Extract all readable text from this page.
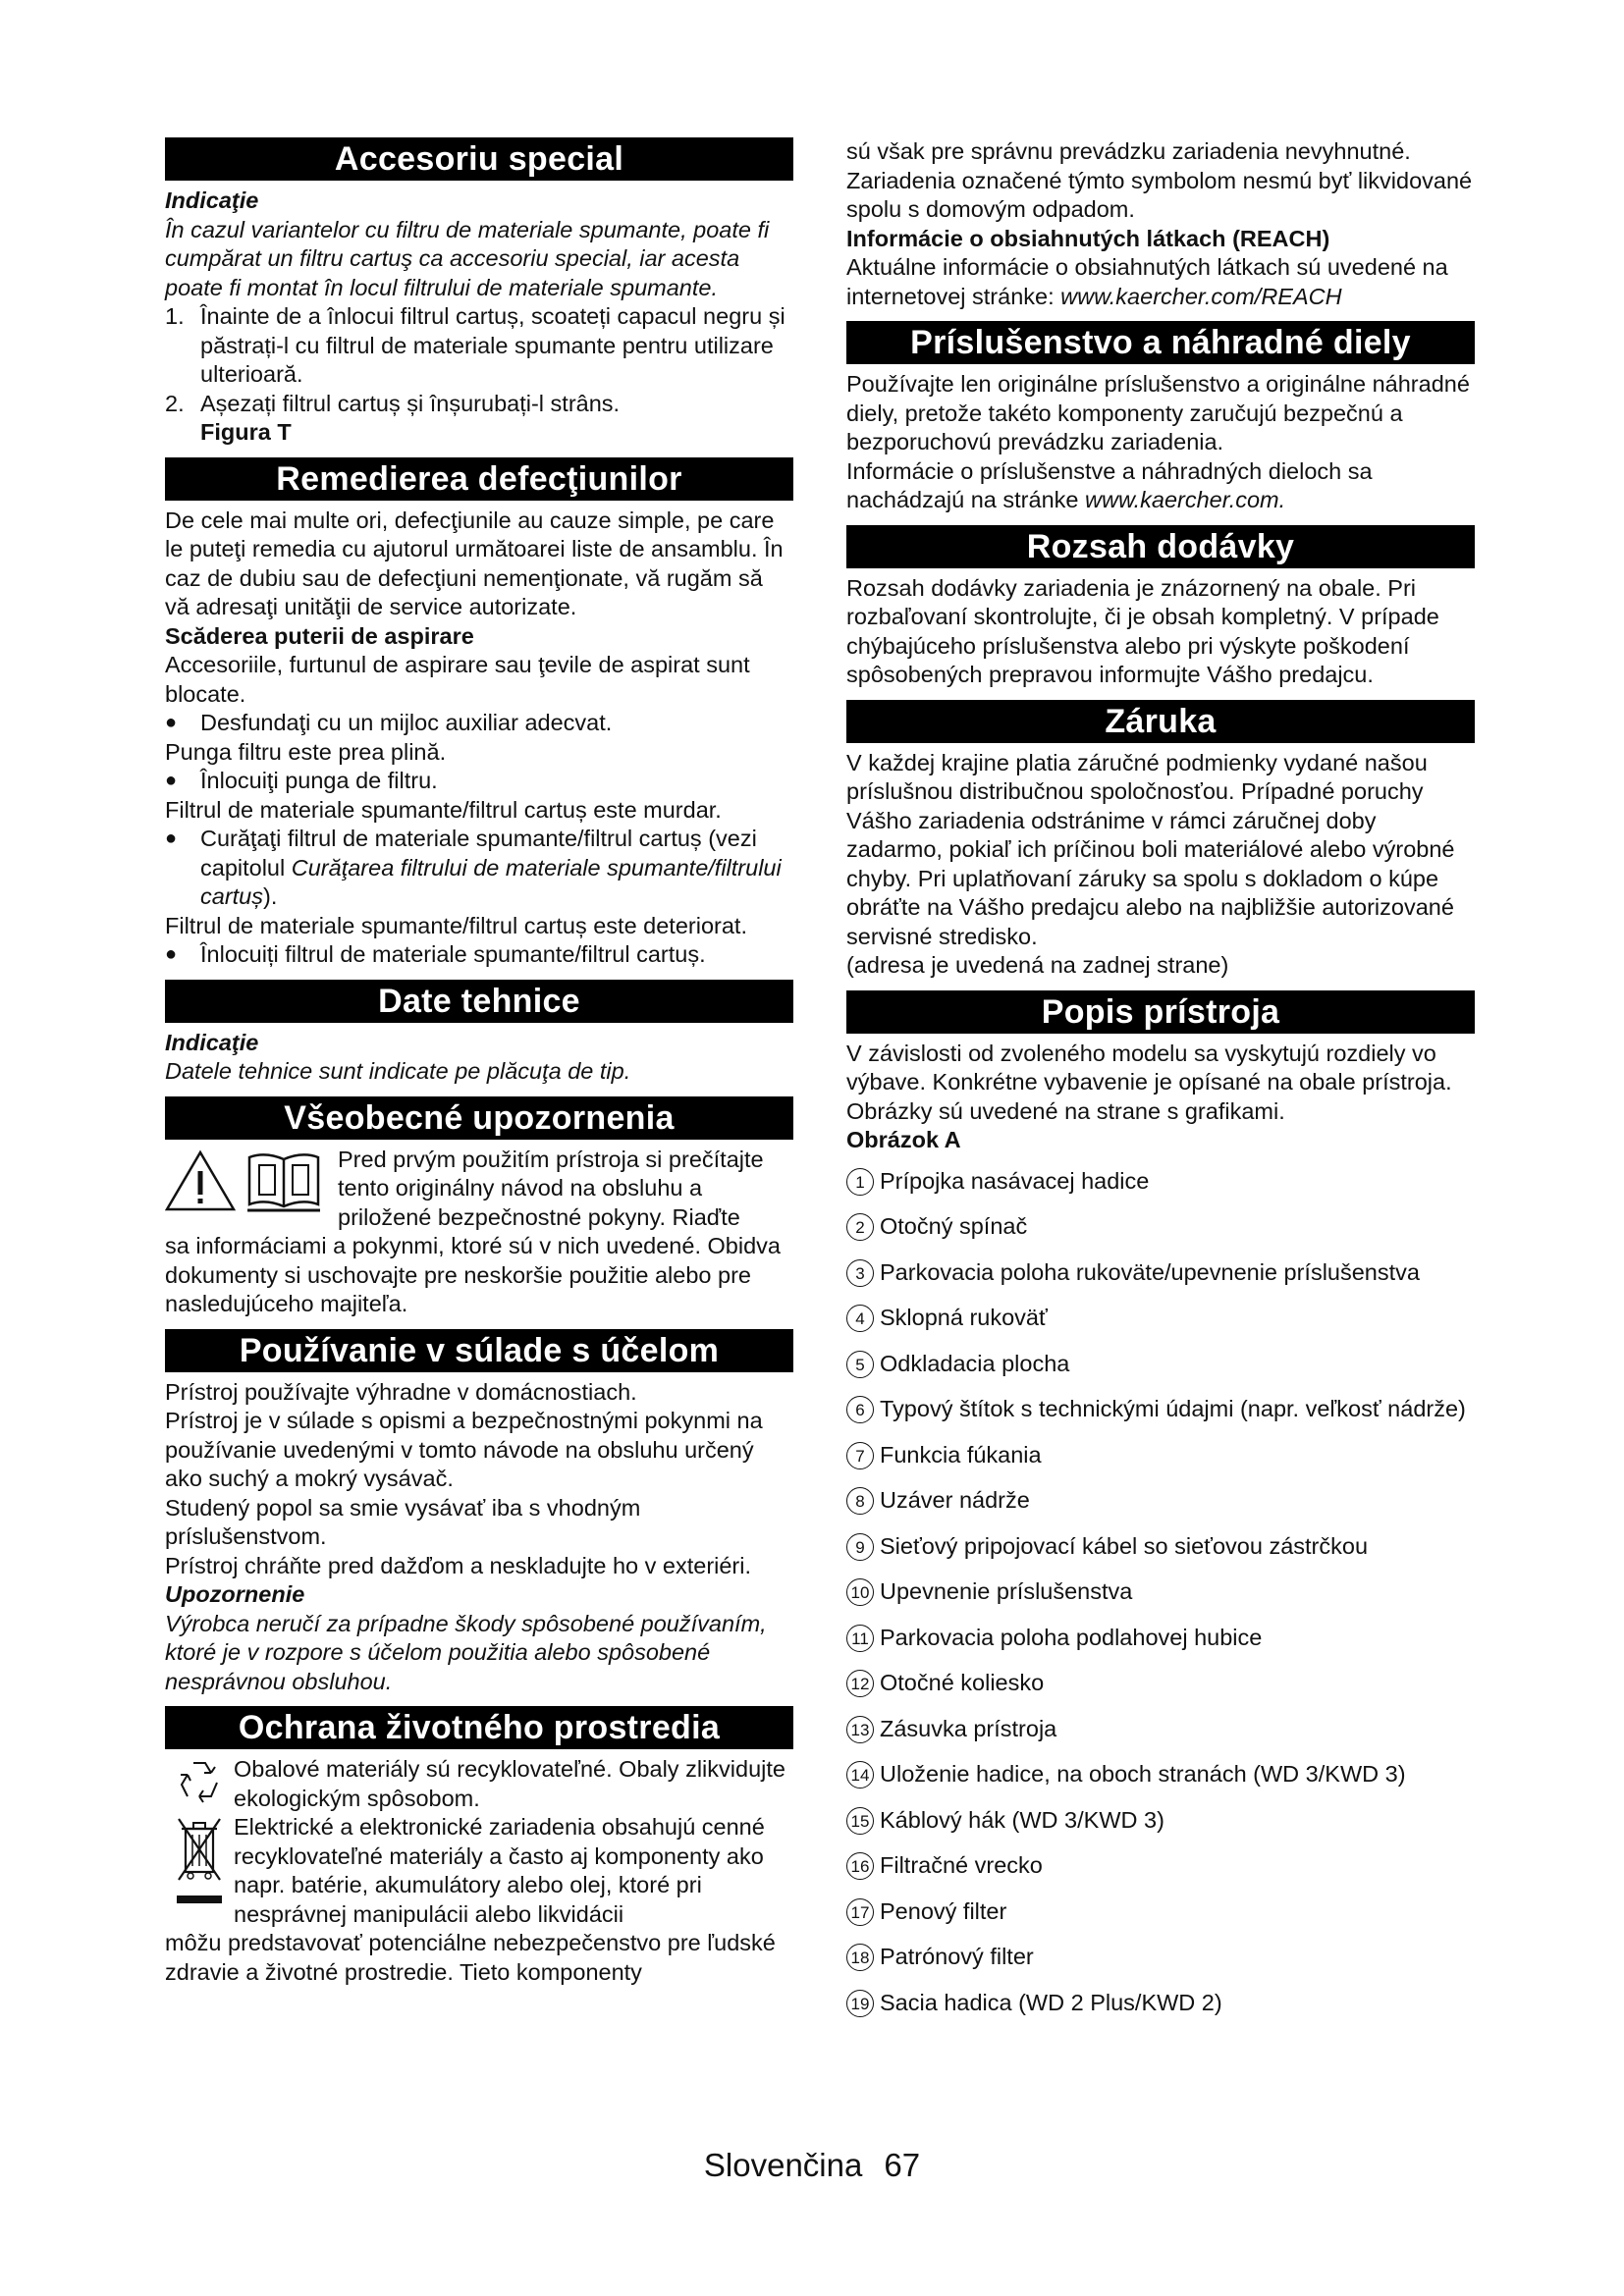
Accesoriu special

Indicaţie

În cazul variantelor cu filtru de materiale spumante, poate fi cumpărat un filtru cartuş ca accesoriu special, iar acesta poate fi montat în locul filtrului de materiale spumante.

1. Înainte de a înlocui filtrul cartuș, scoateți capacul negru și păstrați-l cu filtrul de materiale spumante pentru utilizare ulterioară.
2. Așezați filtrul cartuș și înșurubați-l strâns.

Figura T

Remedierea defecţiunilor

De cele mai multe ori, defecţiunile au cauze simple, pe care le puteţi remedia cu ajutorul următoarei liste de ansamblu. În caz de dubiu sau de defecţiuni nemenţionate, vă rugăm să vă adresaţi unităţii de service autorizate.

Scăderea puterii de aspirare

Accesoriile, furtunul de aspirare sau ţevile de aspirat sunt blocate.

●	Desfundaţi cu un mijloc auxiliar adecvat.

Punga filtru este prea plină.

●	Înlocuiţi punga de filtru.

Filtrul de materiale spumante/filtrul cartuș este murdar.

●	Curăţaţi filtrul de materiale spumante/filtrul cartuș (vezi capitolul Curăţarea filtrului de materiale spumante/filtrului cartuș).

Filtrul de materiale spumante/filtrul cartuș este deteriorat.

●	Înlocuiți filtrul de materiale spumante/filtrul cartuș.
Date tehnice

Indicaţie

Datele tehnice sunt indicate pe plăcuţa de tip.

Všeobecné upozornenia

Pred prvým použitím prístroja si prečítajte tento originálny návod na obsluhu a priložené bezpečnostné pokyny. Riaďte

sa informáciami a pokynmi, ktoré sú v nich uvedené. Obidva dokumenty si uschovajte pre neskoršie použitie alebo pre nasledujúceho majiteľa.

Používanie v súlade s účelom

Prístroj používajte výhradne v domácnostiach.

Prístroj je v súlade s opismi a bezpečnostnými pokynmi na používanie uvedenými v tomto návode na obsluhu určený ako suchý a mokrý vysávač.

Studený popol sa smie vysávať iba s vhodným príslušenstvom.

Prístroj chráňte pred dažďom a neskladujte ho v exteriéri.

Upozornenie

Výrobca neručí za prípadne škody spôsobené používaním, ktoré je v rozpore s účelom použitia alebo spôsobené nesprávnou obsluhou.

Ochrana životného prostredia

Obalové materiály sú recyklovateľné. Obaly zlikvidujte ekologickým spôsobom.

Elektrické a elektronické zariadenia obsahujú cenné recyklovateľné materiály a často aj komponenty ako napr. batérie, akumulátory alebo olej, ktoré pri nesprávnej manipulácii alebo likvidácii

môžu predstavovať potenciálne nebezpečenstvo pre ľudské zdravie a životné prostredie. Tieto komponenty

sú však pre správnu prevádzku zariadenia nevyhnutné. Zariadenia označené týmto symbolom nesmú byť likvidované spolu s domovým odpadom.

Informácie o obsiahnutých látkach (REACH)

Aktuálne informácie o obsiahnutých látkach sú uvedené na internetovej stránke: www.kaercher.com/REACH

Príslušenstvo a náhradné diely

Používajte len originálne príslušenstvo a originálne náhradné diely, pretože takéto komponenty zaručujú bezpečnú a bezporuchovú prevádzku zariadenia.

Informácie o príslušenstve a náhradných dieloch sa nachádzajú na stránke www.kaercher.com.

Rozsah dodávky

Rozsah dodávky zariadenia je znázornený na obale. Pri rozbaľovaní skontrolujte, či je obsah kompletný. V prípade chýbajúceho príslušenstva alebo pri výskyte poškodení spôsobených prepravou informujte Vášho predajcu.

Záruka

V každej krajine platia záručné podmienky vydané našou príslušnou distribučnou spoločnosťou. Prípadné poruchy Vášho zariadenia odstránime v rámci záručnej doby zadarmo, pokiaľ ich príčinou boli materiálové alebo výrobné chyby. Pri uplatňovaní záruky sa spolu s dokladom o kúpe obráťte na Vášho predajcu alebo na najbližšie autorizované servisné stredisko.

(adresa je uvedená na zadnej strane)

Popis prístroja

V závislosti od zvoleného modelu sa vyskytujú rozdiely vo výbave. Konkrétne vybavenie je opísané na obale prístroja.

Obrázky sú uvedené na strane s grafikami.

Obrázok A

1 Prípojka nasávacej hadice
2 Otočný spínač
3 Parkovacia poloha rukoväte/upevnenie príslušenstva
4 Sklopná rukoväť
5 Odkladacia plocha
6 Typový štítok s technickými údajmi (napr. veľkosť nádrže)
7 Funkcia fúkania
8 Uzáver nádrže
9 Sieťový pripojovací kábel so sieťovou zástrčkou
10 Upevnenie príslušenstva
11 Parkovacia poloha podlahovej hubice
12 Otočné koliesko
13 Zásuvka prístroja
14 Uloženie hadice, na oboch stranách (WD 3/KWD 3)
15 Káblový hák (WD 3/KWD 3)
16 Filtračné vrecko
17 Penový filter
18 Patrónový filter
19 Sacia hadica (WD 2 Plus/KWD 2)
Slovenčina 67
